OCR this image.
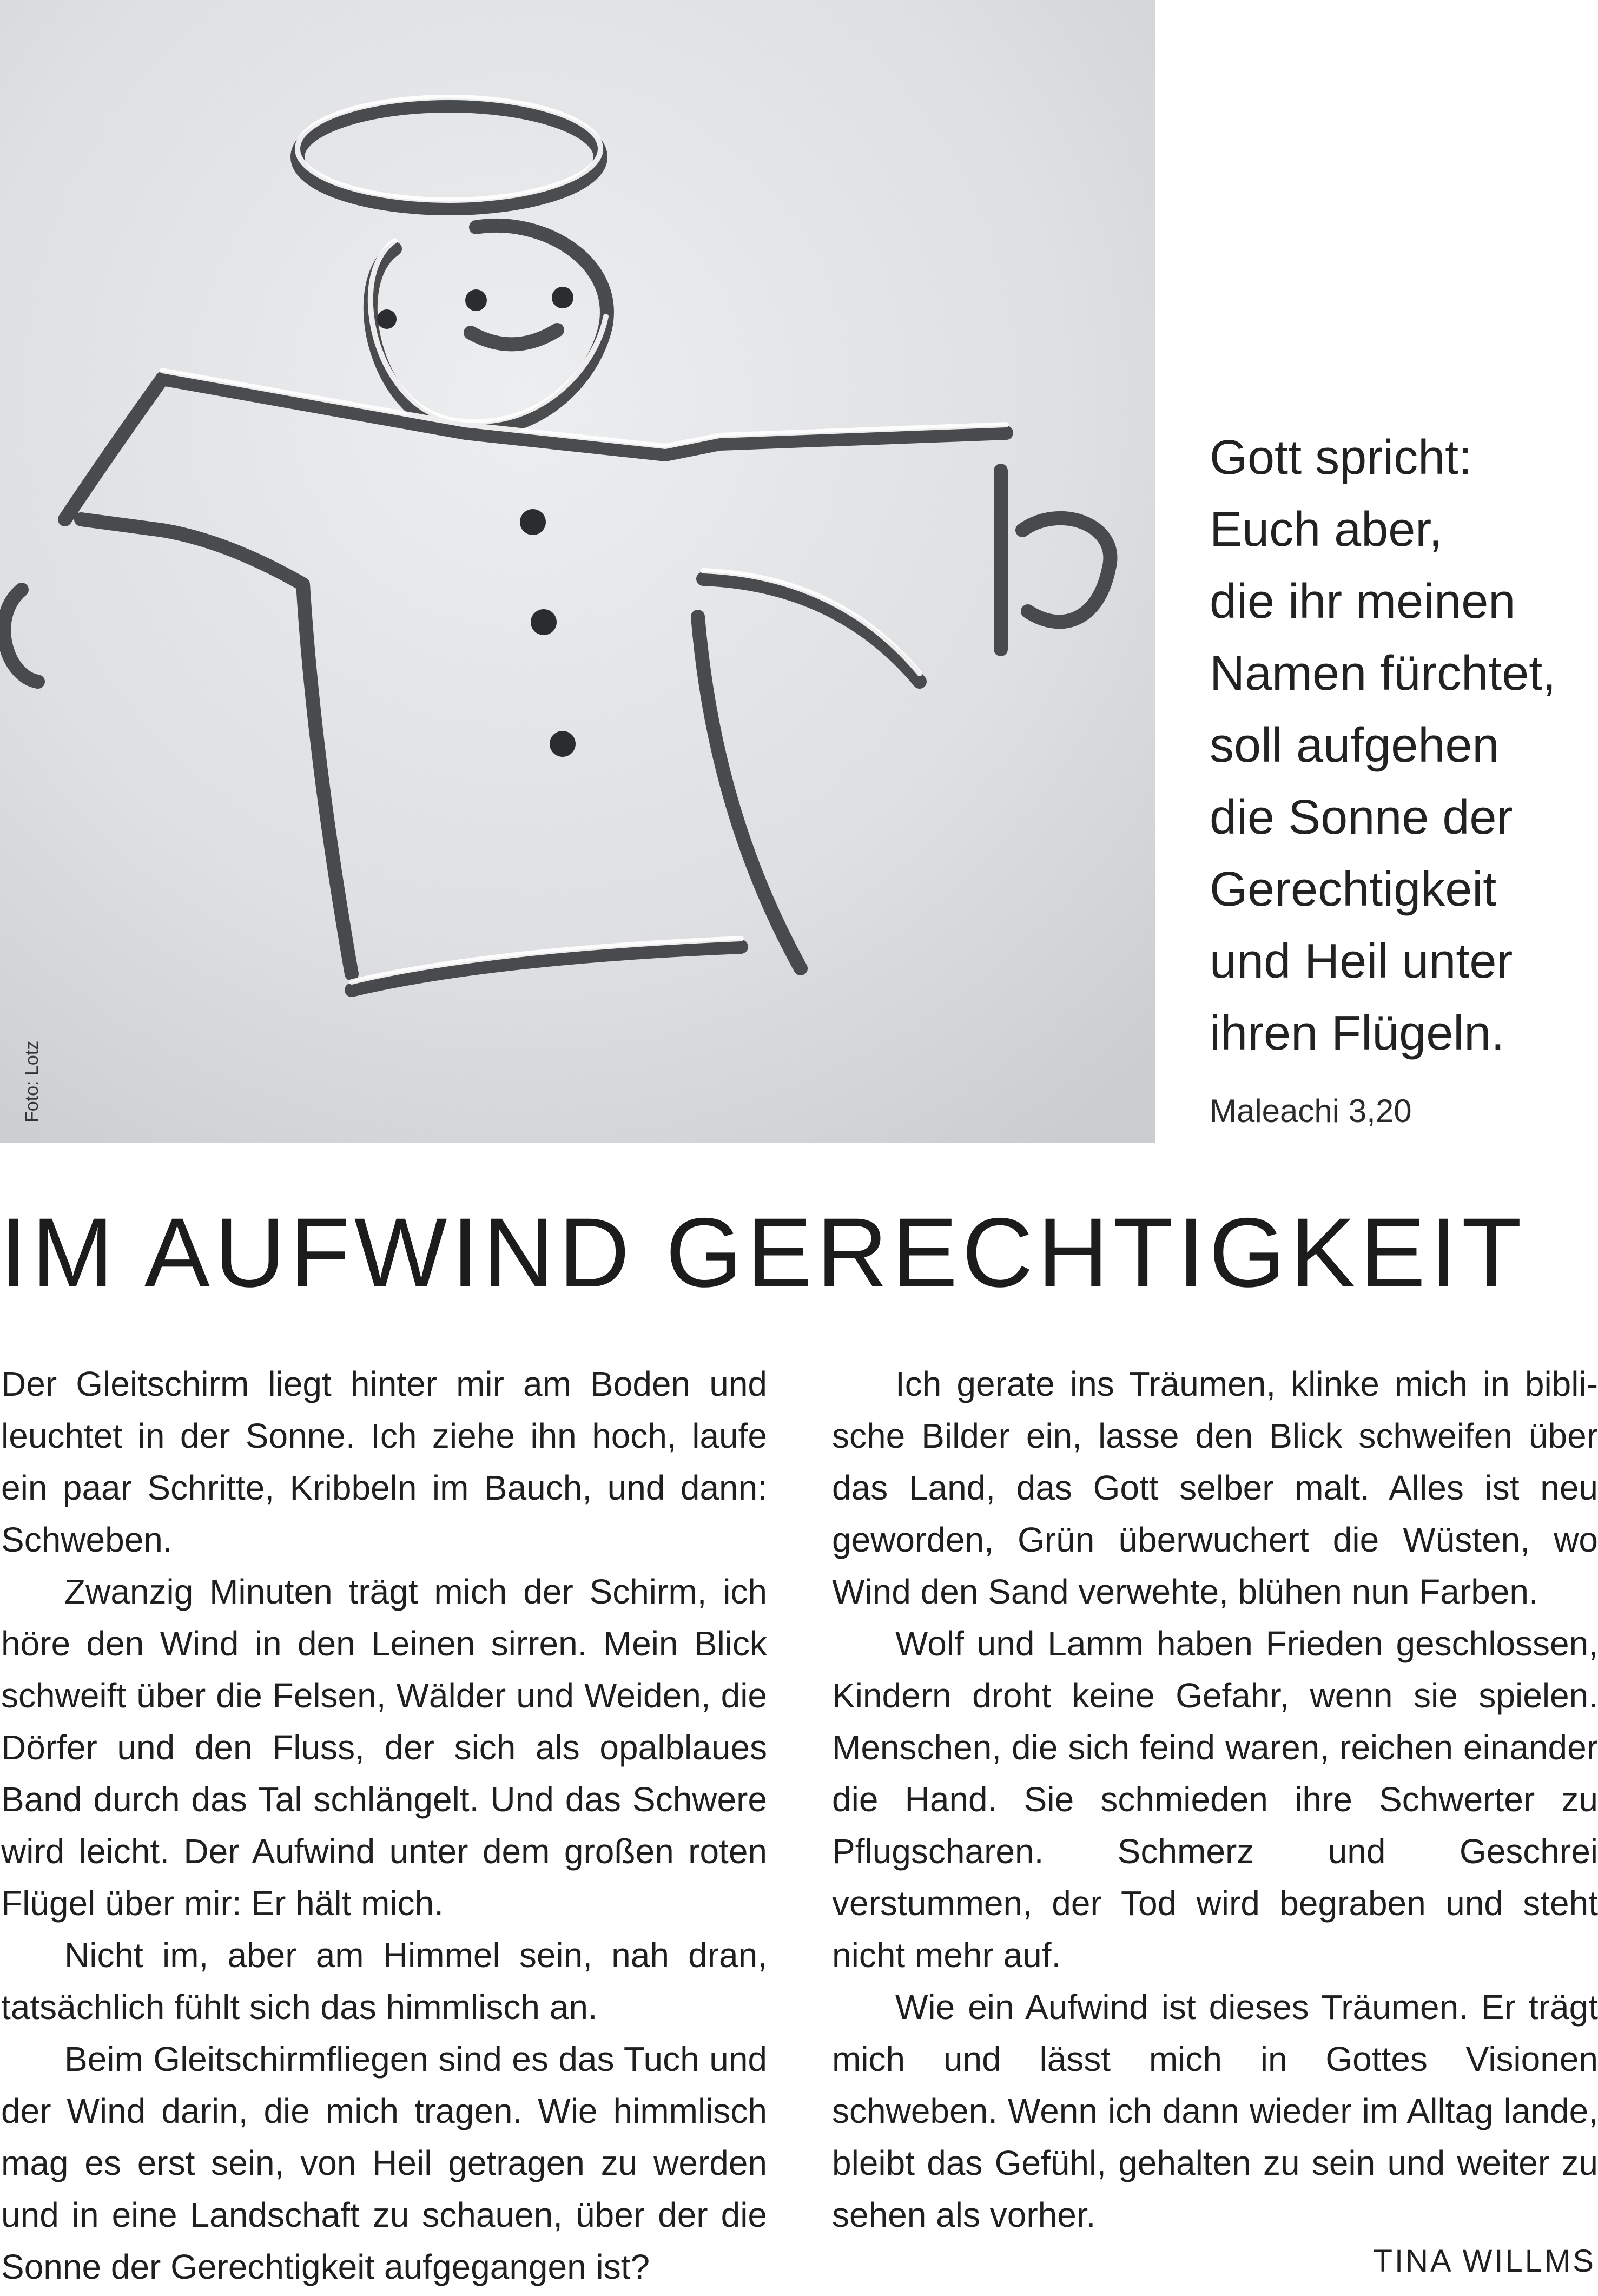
Foto: Lotz
Gott spricht:
Euch aber,
die ihr meinen
Namen fürchtet,
soll aufgehen
die Sonne der
Gerechtigkeit
und Heil unter
ihren Flügeln.
Maleachi 3,20
IM AUFWIND GERECHTIGKEIT

Der Gleitschirm liegt hinter mir am Boden und leuchtet in der Sonne. Ich ziehe ihn hoch, laufe ein paar Schritte, Kribbeln im Bauch, und dann: Schweben.

Zwanzig Minuten trägt mich der Schirm, ich höre den Wind in den Leinen sirren. Mein Blick schweift über die Felsen, Wälder und Weiden, die Dörfer und den Fluss, der sich als opalblaues Band durch das Tal schlängelt. Und das Schwere wird leicht. Der Aufwind unter dem großen roten Flügel über mir: Er hält mich.

Nicht im, aber am Himmel sein, nah dran, tatsächlich fühlt sich das himmlisch an.

Beim Gleitschirmfliegen sind es das Tuch und der Wind darin, die mich tragen. Wie himmlisch mag es erst sein, von Heil getragen zu werden und in eine Landschaft zu schauen, über der die Sonne der Gerechtigkeit aufgegangen ist?

Ich gerate ins Träumen, klinke mich in biblische Bilder ein, lasse den Blick schweifen über das Land, das Gott selber malt. Alles ist neu geworden, Grün überwuchert die Wüsten, wo Wind den Sand verwehte, blühen nun Farben.

Wolf und Lamm haben Frieden geschlossen, Kindern droht keine Gefahr, wenn sie spielen. Menschen, die sich feind waren, reichen einander die Hand. Sie schmieden ihre Schwerter zu Pflugscharen. Schmerz und Geschrei verstummen, der Tod wird begraben und steht nicht mehr auf.

Wie ein Aufwind ist dieses Träumen. Er trägt mich und lässt mich in Gottes Visionen schweben. Wenn ich dann wieder im Alltag lande, bleibt das Gefühl, gehalten zu sein und weiter zu sehen als vorher.

TINA WILLMS
